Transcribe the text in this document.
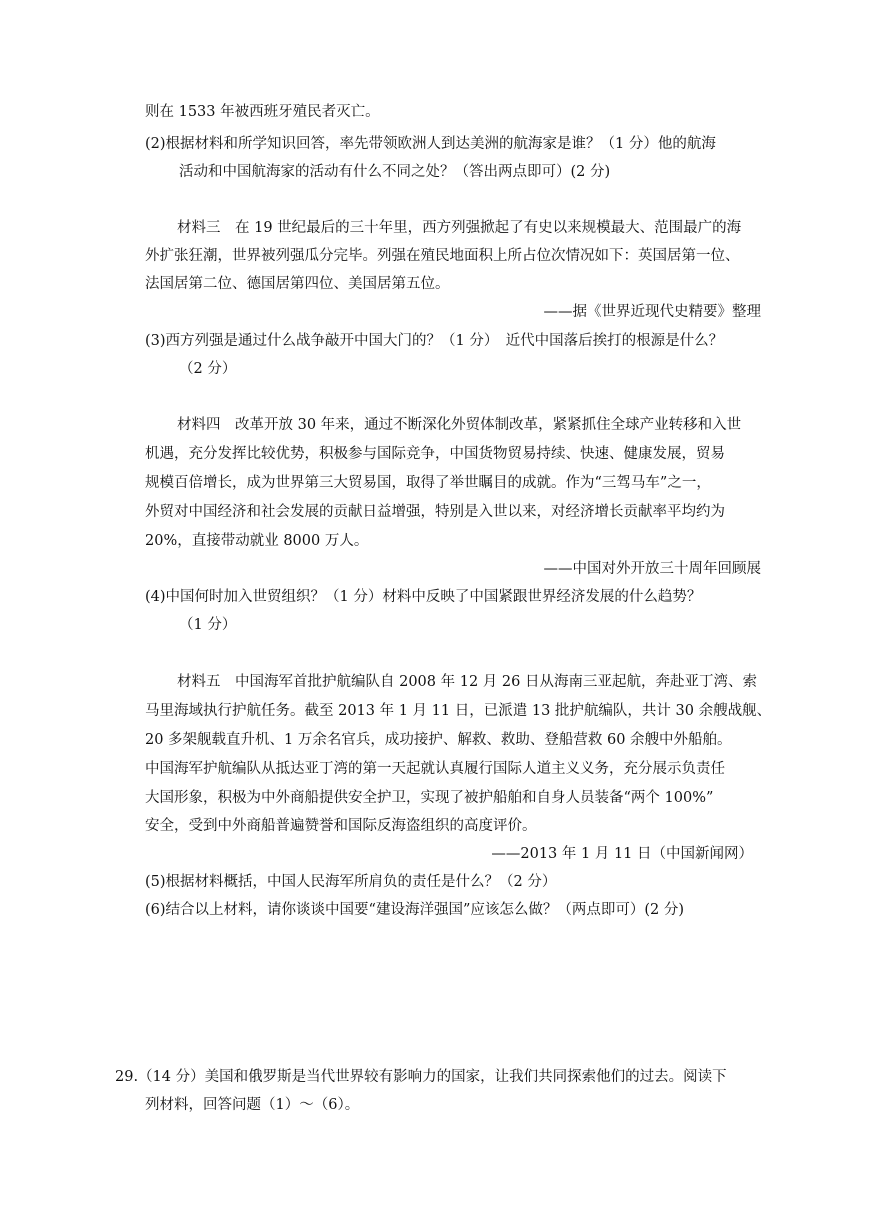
则在 1533 年被西班牙殖民者灭亡。
(2)根据材料和所学知识回答，率先带领欧洲人到达美洲的航海家是谁？（1 分）他的航海
活动和中国航海家的活动有什么不同之处？（答出两点即可）(2 分)
材料三　在 19 世纪最后的三十年里，西方列强掀起了有史以来规模最大、范围最广的海
外扩张狂潮，世界被列强瓜分完毕。列强在殖民地面积上所占位次情况如下：英国居第一位、
法国居第二位、德国居第四位、美国居第五位。
——据《世界近现代史精要》整理
(3)西方列强是通过什么战争敲开中国大门的？（1 分）　近代中国落后挨打的根源是什么？
（2 分）
材料四　改革开放 30 年来，通过不断深化外贸体制改革，紧紧抓住全球产业转移和入世
机遇，充分发挥比较优势，积极参与国际竞争，中国货物贸易持续、快速、健康发展，贸易
规模百倍增长，成为世界第三大贸易国，取得了举世瞩目的成就。作为“三驾马车”之一，
外贸对中国经济和社会发展的贡献日益增强，特别是入世以来，对经济增长贡献率平均约为
20%，直接带动就业 8000 万人。
——中国对外开放三十周年回顾展
(4)中国何时加入世贸组织？（1 分）材料中反映了中国紧跟世界经济发展的什么趋势？
（1 分）
材料五　中国海军首批护航编队自 2008 年 12 月 26 日从海南三亚起航，奔赴亚丁湾、索
马里海域执行护航任务。截至 2013 年 1 月 11 日，已派遣 13 批护航编队，共计 30 余艘战舰、
20 多架舰载直升机、1 万余名官兵，成功接护、解救、救助、登船营救 60 余艘中外船舶。
中国海军护航编队从抵达亚丁湾的第一天起就认真履行国际人道主义义务，充分展示负责任
大国形象，积极为中外商船提供安全护卫，实现了被护船舶和自身人员装备“两个 100%”
安全，受到中外商船普遍赞誉和国际反海盗组织的高度评价。
——2013 年 1 月 11 日（中国新闻网）
(5)根据材料概括，中国人民海军所肩负的责任是什么？（2 分）
(6)结合以上材料，请你谈谈中国要“建设海洋强国”应该怎么做？（两点即可）(2 分)
29.（14 分）美国和俄罗斯是当代世界较有影响力的国家，让我们共同探索他们的过去。阅读下
列材料，回答问题（1）～（6）。
